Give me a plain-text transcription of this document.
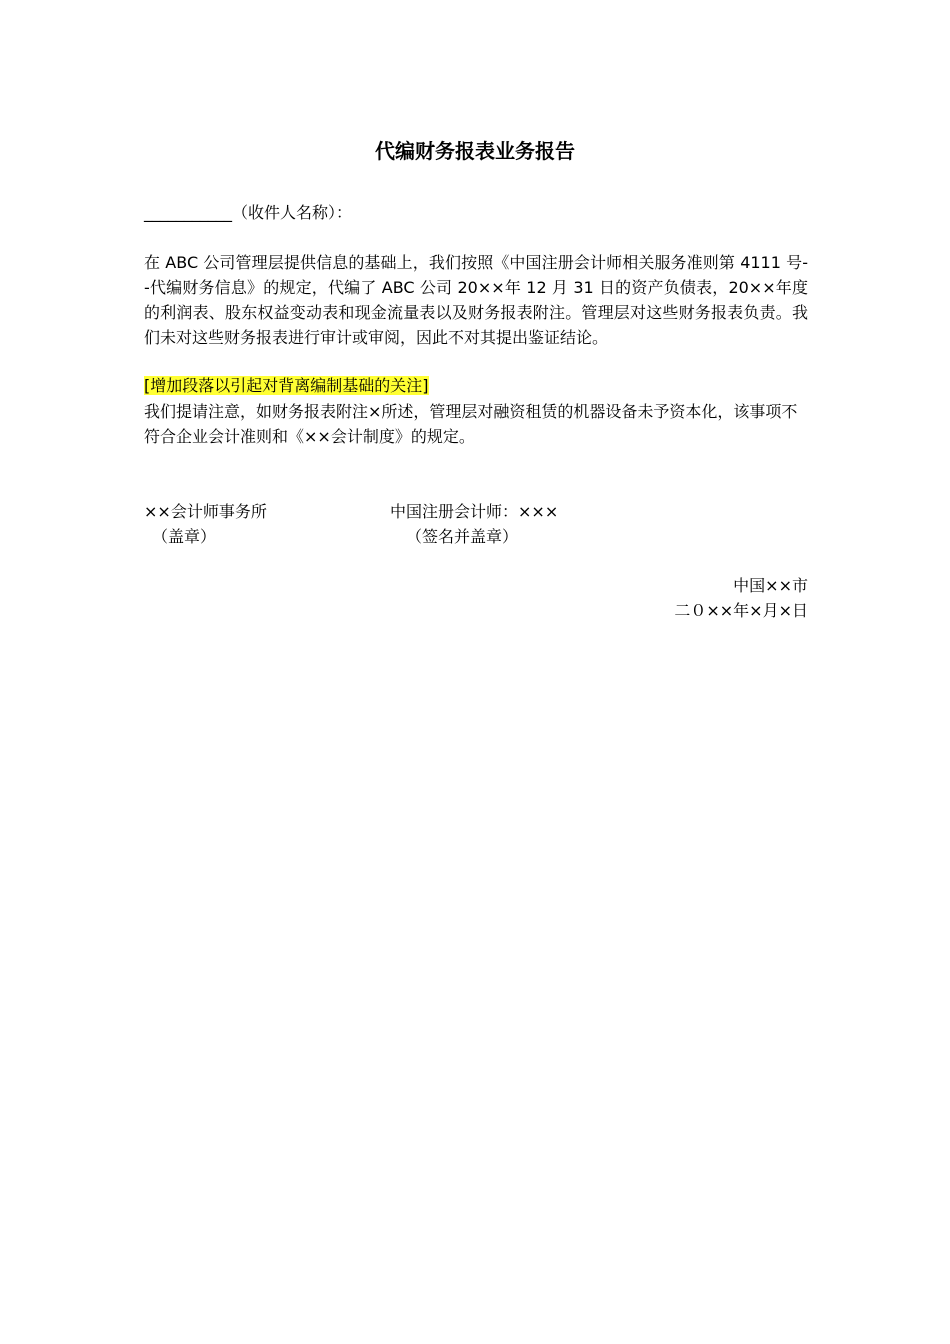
代编财务报表业务报告
___________（收件人名称）：
在 ABC 公司管理层提供信息的基础上，我们按照《中国注册会计师相关服务准则第 4111 号--代编财务信息》的规定，代编了 ABC 公司 20××年 12 月 31 日的资产负债表，20××年度的利润表、股东权益变动表和现金流量表以及财务报表附注。管理层对这些财务报表负责。我们未对这些财务报表进行审计或审阅，因此不对其提出鉴证结论。
[增加段落以引起对背离编制基础的关注]
我们提请注意，如财务报表附注×所述，管理层对融资租赁的机器设备未予资本化，该事项不符合企业会计准则和《××会计制度》的规定。
××会计师事务所
（盖章）
中国注册会计师：×××
（签名并盖章）
中国××市
二０××年×月×日
